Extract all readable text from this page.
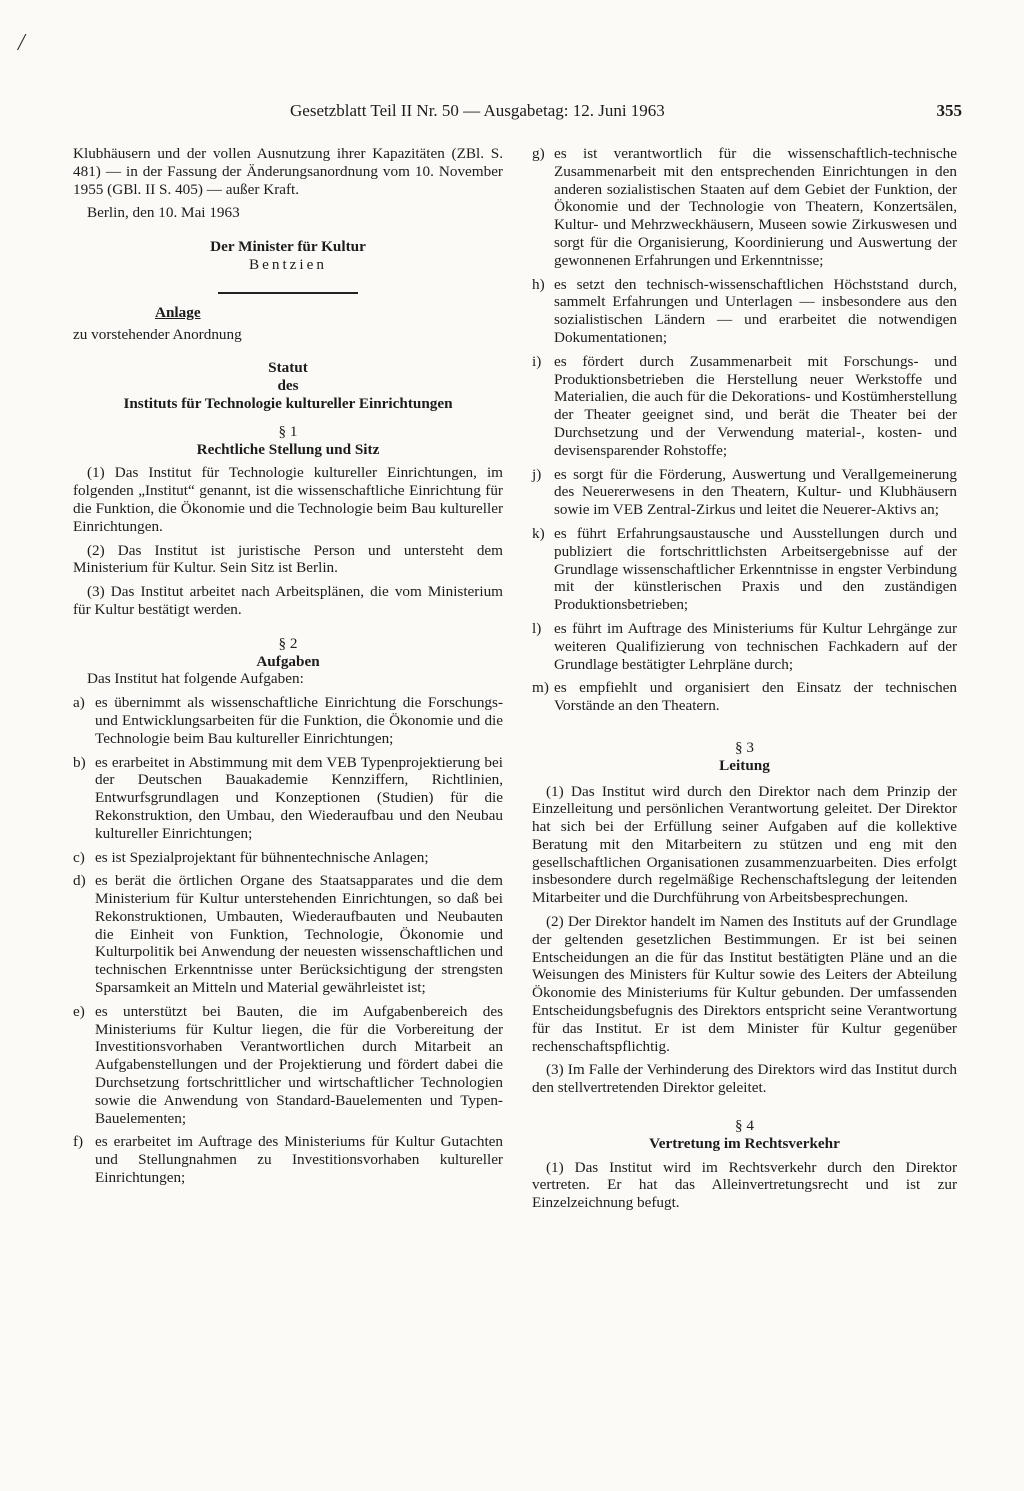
/
Gesetzblatt Teil II Nr. 50 — Ausgabetag: 12. Juni 1963	355

Klubhäusern und der vollen Ausnutzung ihrer Kapazitäten (ZBl. S. 481) — in der Fassung der Änderungsanordnung vom 10. November 1955 (GBl. II S. 405) — außer Kraft.

Berlin, den 10. Mai 1963

Der Minister für Kultur

Bentzien

Anlage

zu vorstehender Anordnung

Statut

des

Instituts für Technologie kultureller Einrichtungen

§ 1

Rechtliche Stellung und Sitz

(1) Das Institut für Technologie kultureller Einrichtungen, im folgenden „Institut“ genannt, ist die wissenschaftliche Einrichtung für die Funktion, die Ökonomie und die Technologie beim Bau kultureller Einrichtungen.

(2) Das Institut ist juristische Person und untersteht dem Ministerium für Kultur. Sein Sitz ist Berlin.

(3) Das Institut arbeitet nach Arbeitsplänen, die vom Ministerium für Kultur bestätigt werden.

§ 2

Aufgaben

Das Institut hat folgende Aufgaben:

a) es übernimmt als wissenschaftliche Einrichtung die Forschungs- und Entwicklungsarbeiten für die Funktion, die Ökonomie und die Technologie beim Bau kultureller Einrichtungen;
b) es erarbeitet in Abstimmung mit dem VEB Typenprojektierung bei der Deutschen Bauakademie Kennziffern, Richtlinien, Entwurfsgrundlagen und Konzeptionen (Studien) für die Rekonstruktion, den Umbau, den Wiederaufbau und den Neubau kultureller Einrichtungen;
c) es ist Spezialprojektant für bühnentechnische Anlagen;
d) es berät die örtlichen Organe des Staatsapparates und die dem Ministerium für Kultur unterstehenden Einrichtungen, so daß bei Rekonstruktionen, Umbauten, Wiederaufbauten und Neubauten die Einheit von Funktion, Technologie, Ökonomie und Kulturpolitik bei Anwendung der neuesten wissenschaftlichen und technischen Erkenntnisse unter Berücksichtigung der strengsten Sparsamkeit an Mitteln und Material gewährleistet ist;
e) es unterstützt bei Bauten, die im Aufgabenbereich des Ministeriums für Kultur liegen, die für die Vorbereitung der Investitionsvorhaben Verantwortlichen durch Mitarbeit an Aufgabenstellungen und der Projektierung und fördert dabei die Durchsetzung fortschrittlicher und wirtschaftlicher Technologien sowie die Anwendung von Standard-Bauelementen und Typen-Bauelementen;
f) es erarbeitet im Auftrage des Ministeriums für Kultur Gutachten und Stellungnahmen zu Investitionsvorhaben kultureller Einrichtungen;
g) es ist verantwortlich für die wissenschaftlich-technische Zusammenarbeit mit den entsprechenden Einrichtungen in den anderen sozialistischen Staaten auf dem Gebiet der Funktion, der Ökonomie und der Technologie von Theatern, Konzertsälen, Kultur- und Mehrzweckhäusern, Museen sowie Zirkuswesen und sorgt für die Organisierung, Koordinierung und Auswertung der gewonnenen Erfahrungen und Erkenntnisse;
h) es setzt den technisch-wissenschaftlichen Höchststand durch, sammelt Erfahrungen und Unterlagen — insbesondere aus den sozialistischen Ländern — und erarbeitet die notwendigen Dokumentationen;
i) es fördert durch Zusammenarbeit mit Forschungs- und Produktionsbetrieben die Herstellung neuer Werkstoffe und Materialien, die auch für die Dekorations- und Kostümherstellung der Theater geeignet sind, und berät die Theater bei der Durchsetzung und der Verwendung material-, kosten- und devisensparender Rohstoffe;
j) es sorgt für die Förderung, Auswertung und Verallgemeinerung des Neuererwesens in den Theatern, Kultur- und Klubhäusern sowie im VEB Zentral-Zirkus und leitet die Neuerer-Aktivs an;
k) es führt Erfahrungsaustausche und Ausstellungen durch und publiziert die fortschrittlichsten Arbeitsergebnisse auf der Grundlage wissenschaftlicher Erkenntnisse in engster Verbindung mit der künstlerischen Praxis und den zuständigen Produktionsbetrieben;
l) es führt im Auftrage des Ministeriums für Kultur Lehrgänge zur weiteren Qualifizierung von technischen Fachkadern auf der Grundlage bestätigter Lehrpläne durch;
m) es empfiehlt und organisiert den Einsatz der technischen Vorstände an den Theatern.

§ 3

Leitung

(1) Das Institut wird durch den Direktor nach dem Prinzip der Einzelleitung und persönlichen Verantwortung geleitet. Der Direktor hat sich bei der Erfüllung seiner Aufgaben auf die kollektive Beratung mit den Mitarbeitern zu stützen und eng mit den gesellschaftlichen Organisationen zusammenzuarbeiten. Dies erfolgt insbesondere durch regelmäßige Rechenschaftslegung der leitenden Mitarbeiter und die Durchführung von Arbeitsbesprechungen.

(2) Der Direktor handelt im Namen des Instituts auf der Grundlage der geltenden gesetzlichen Bestimmungen. Er ist bei seinen Entscheidungen an die für das Institut bestätigten Pläne und an die Weisungen des Ministers für Kultur sowie des Leiters der Abteilung Ökonomie des Ministeriums für Kultur gebunden. Der umfassenden Entscheidungsbefugnis des Direktors entspricht seine Verantwortung für das Institut. Er ist dem Minister für Kultur gegenüber rechenschaftspflichtig.

(3) Im Falle der Verhinderung des Direktors wird das Institut durch den stellvertretenden Direktor geleitet.

§ 4

Vertretung im Rechtsverkehr

(1) Das Institut wird im Rechtsverkehr durch den Direktor vertreten. Er hat das Alleinvertretungsrecht und ist zur Einzelzeichnung befugt.
